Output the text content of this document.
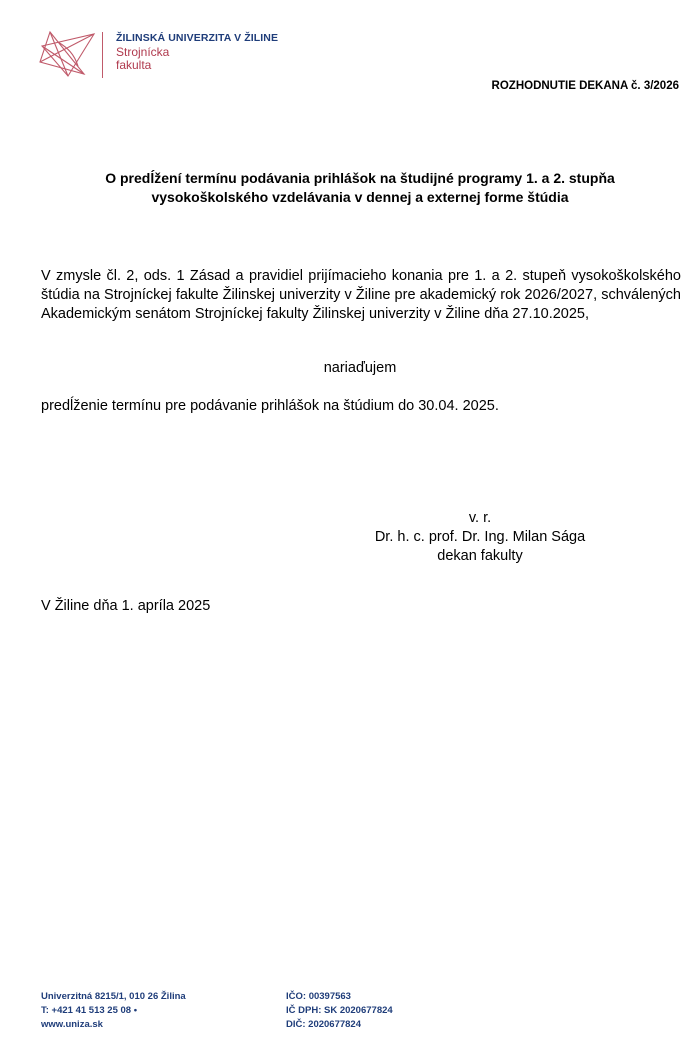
ŽILINSKÁ UNIVERZITA V ŽILINE
Strojnícka
fakulta
ROZHODNUTIE DEKANA č. 3/2026
O predĺžení termínu podávania prihlášok na študijné programy 1. a 2. stupňa
vysokoškolského vzdelávania v dennej a externej forme štúdia
V zmysle čl. 2, ods. 1 Zásad a pravidiel prijímacieho konania pre 1. a 2. stupeň vysokoškolského štúdia na Strojníckej fakulte Žilinskej univerzity v Žiline pre akademický rok 2026/2027, schválených Akademickým senátom Strojníckej fakulty Žilinskej univerzity v Žiline dňa 27.10.2025,
nariaďujem
predĺženie termínu pre podávanie prihlášok na štúdium do 30.04. 2025.
v. r.
Dr. h. c. prof. Dr. Ing. Milan Sága
dekan fakulty
V Žiline dňa 1. apríla 2025
Univerzitná 8215/1, 010 26 Žilina
T: +421 41 513 25 08 •
www.uniza.sk
IČO: 00397563
IČ DPH: SK 2020677824
DIČ: 2020677824
